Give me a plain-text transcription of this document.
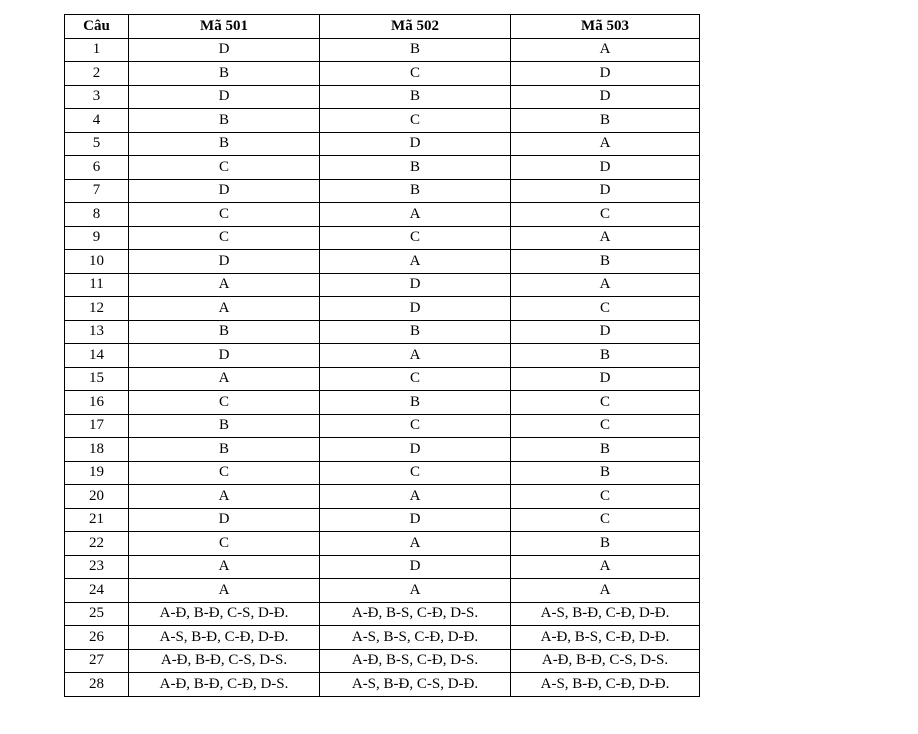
Câu	Mã 501	Mã 502	Mã 503
1	D	B	A
2	B	C	D
3	D	B	D
4	B	C	B
5	B	D	A
6	C	B	D
7	D	B	D
8	C	A	C
9	C	C	A
10	D	A	B
11	A	D	A
12	A	D	C
13	B	B	D
14	D	A	B
15	A	C	D
16	C	B	C
17	B	C	C
18	B	D	B
19	C	C	B
20	A	A	C
21	D	D	C
22	C	A	B
23	A	D	A
24	A	A	A
25	A-Đ, B-Đ, C-S, D-Đ.	A-Đ, B-S, C-Đ, D-S.	A-S, B-Đ, C-Đ, D-Đ.
26	A-S, B-Đ, C-Đ, D-Đ.	A-S, B-S, C-Đ, D-Đ.	A-Đ, B-S, C-Đ, D-Đ.
27	A-Đ, B-Đ, C-S, D-S.	A-Đ, B-S, C-Đ, D-S.	A-Đ, B-Đ, C-S, D-S.
28	A-Đ, B-Đ, C-Đ, D-S.	A-S, B-Đ, C-S, D-Đ.	A-S, B-Đ, C-Đ, D-Đ.
